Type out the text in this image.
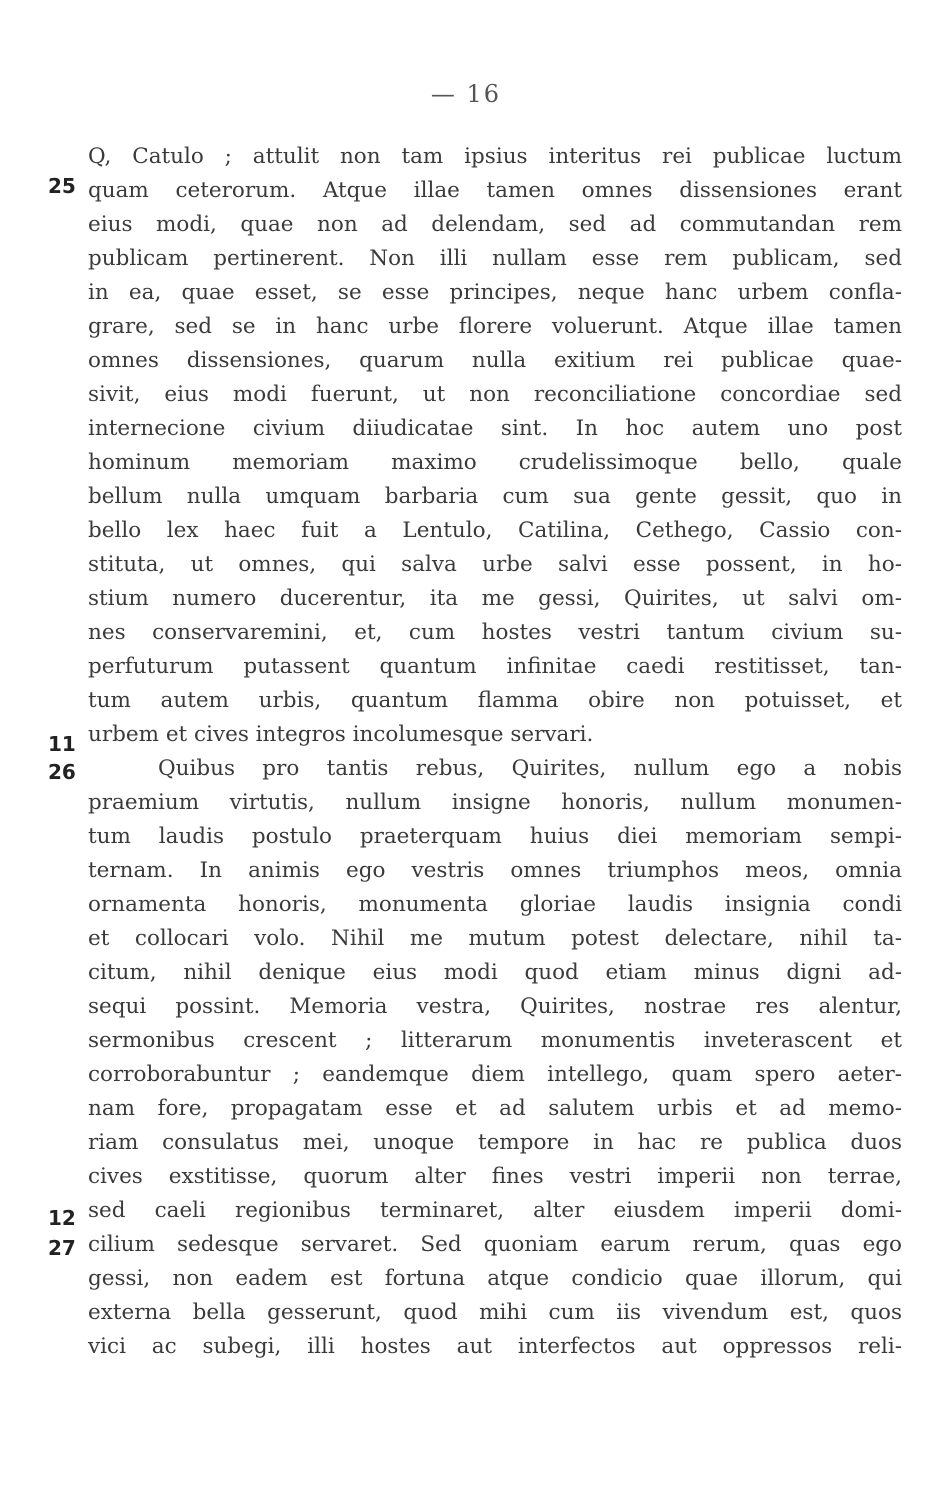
— 16
25
11
26
12
27
Q, Catulo ; attulit non tam ipsius interitus rei publicae luctum
quam ceterorum. Atque illae tamen omnes dissensiones erant
eius modi, quae non ad delendam, sed ad commutandan rem
publicam pertinerent. Non illi nullam esse rem publicam, sed
in ea, quae esset, se esse principes, neque hanc urbem confla-
grare, sed se in hanc urbe florere voluerunt. Atque illae tamen
omnes dissensiones, quarum nulla exitium rei publicae quae-
sivit, eius modi fuerunt, ut non reconciliatione concordiae sed
internecione civium diiudicatae sint. In hoc autem uno post
hominum memoriam maximo crudelissimoque bello, quale
bellum nulla umquam barbaria cum sua gente gessit, quo in
bello lex haec fuit a Lentulo, Catilina, Cethego, Cassio con-
stituta, ut omnes, qui salva urbe salvi esse possent, in ho-
stium numero ducerentur, ita me gessi, Quirites, ut salvi om-
nes conservaremini, et, cum hostes vestri tantum civium su-
perfuturum putassent quantum infinitae caedi restitisset, tan-
tum autem urbis, quantum flamma obire non potuisset, et
urbem et cives integros incolumesque servari.
Quibus pro tantis rebus, Quirites, nullum ego a nobis
praemium virtutis, nullum insigne honoris, nullum monumen-
tum laudis postulo praeterquam huius diei memoriam sempi-
ternam. In animis ego vestris omnes triumphos meos, omnia
ornamenta honoris, monumenta gloriae laudis insignia condi
et collocari volo. Nihil me mutum potest delectare, nihil ta-
citum, nihil denique eius modi quod etiam minus digni ad-
sequi possint. Memoria vestra, Quirites, nostrae res alentur,
sermonibus crescent ; litterarum monumentis inveterascent et
corroborabuntur ; eandemque diem intellego, quam spero aeter-
nam fore, propagatam esse et ad salutem urbis et ad memo-
riam consulatus mei, unoque tempore in hac re publica duos
cives exstitisse, quorum alter fines vestri imperii non terrae,
sed caeli regionibus terminaret, alter eiusdem imperii domi-
cilium sedesque servaret. Sed quoniam earum rerum, quas ego
gessi, non eadem est fortuna atque condicio quae illorum, qui
externa bella gesserunt, quod mihi cum iis vivendum est, quos
vici ac subegi, illi hostes aut interfectos aut oppressos reli-
